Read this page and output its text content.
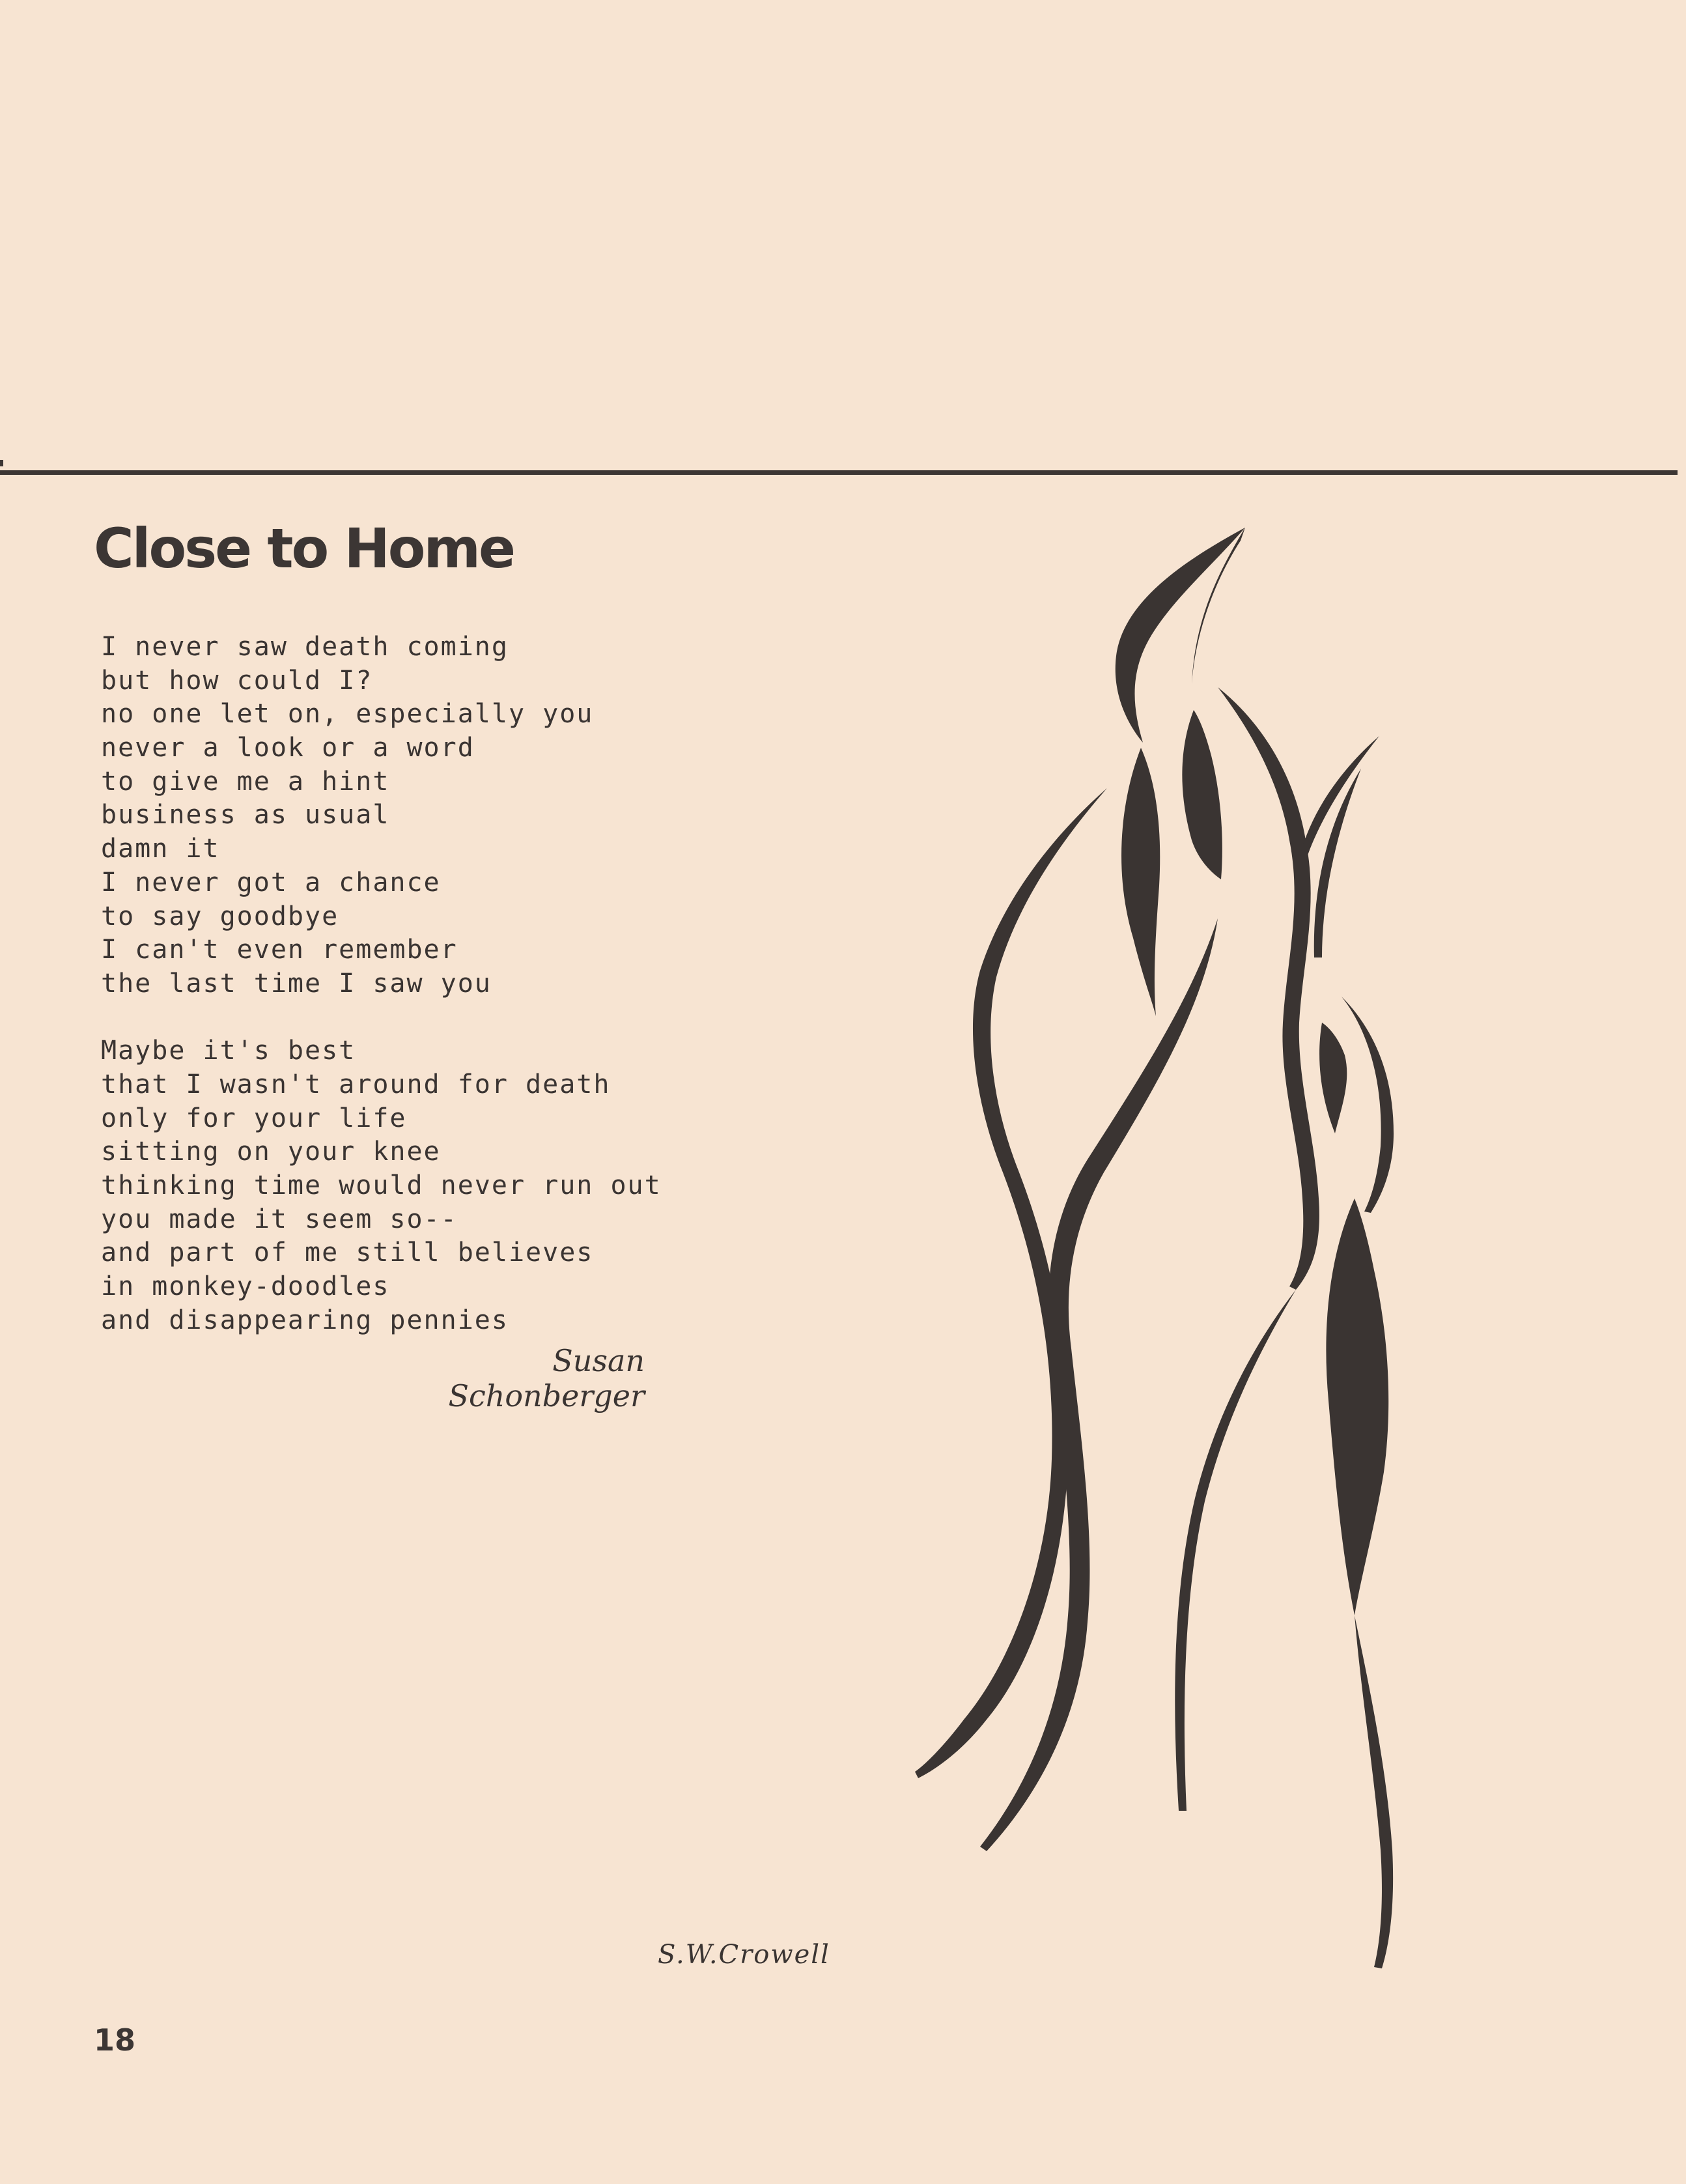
Close to Home
I never saw death coming
but how could I?
no one let on, especially you
never a look or a word
to give me a hint
business as usual
damn it
I never got a chance
to say goodbye
I can't even remember
the last time I saw you
Maybe it's best
that I wasn't around for death
only for your life
sitting on your knee
thinking time would never run out
you made it seem so--
and part of me still believes
in monkey-doodles
and disappearing pennies
Susan Schonberger
S.W.Crowell
18
